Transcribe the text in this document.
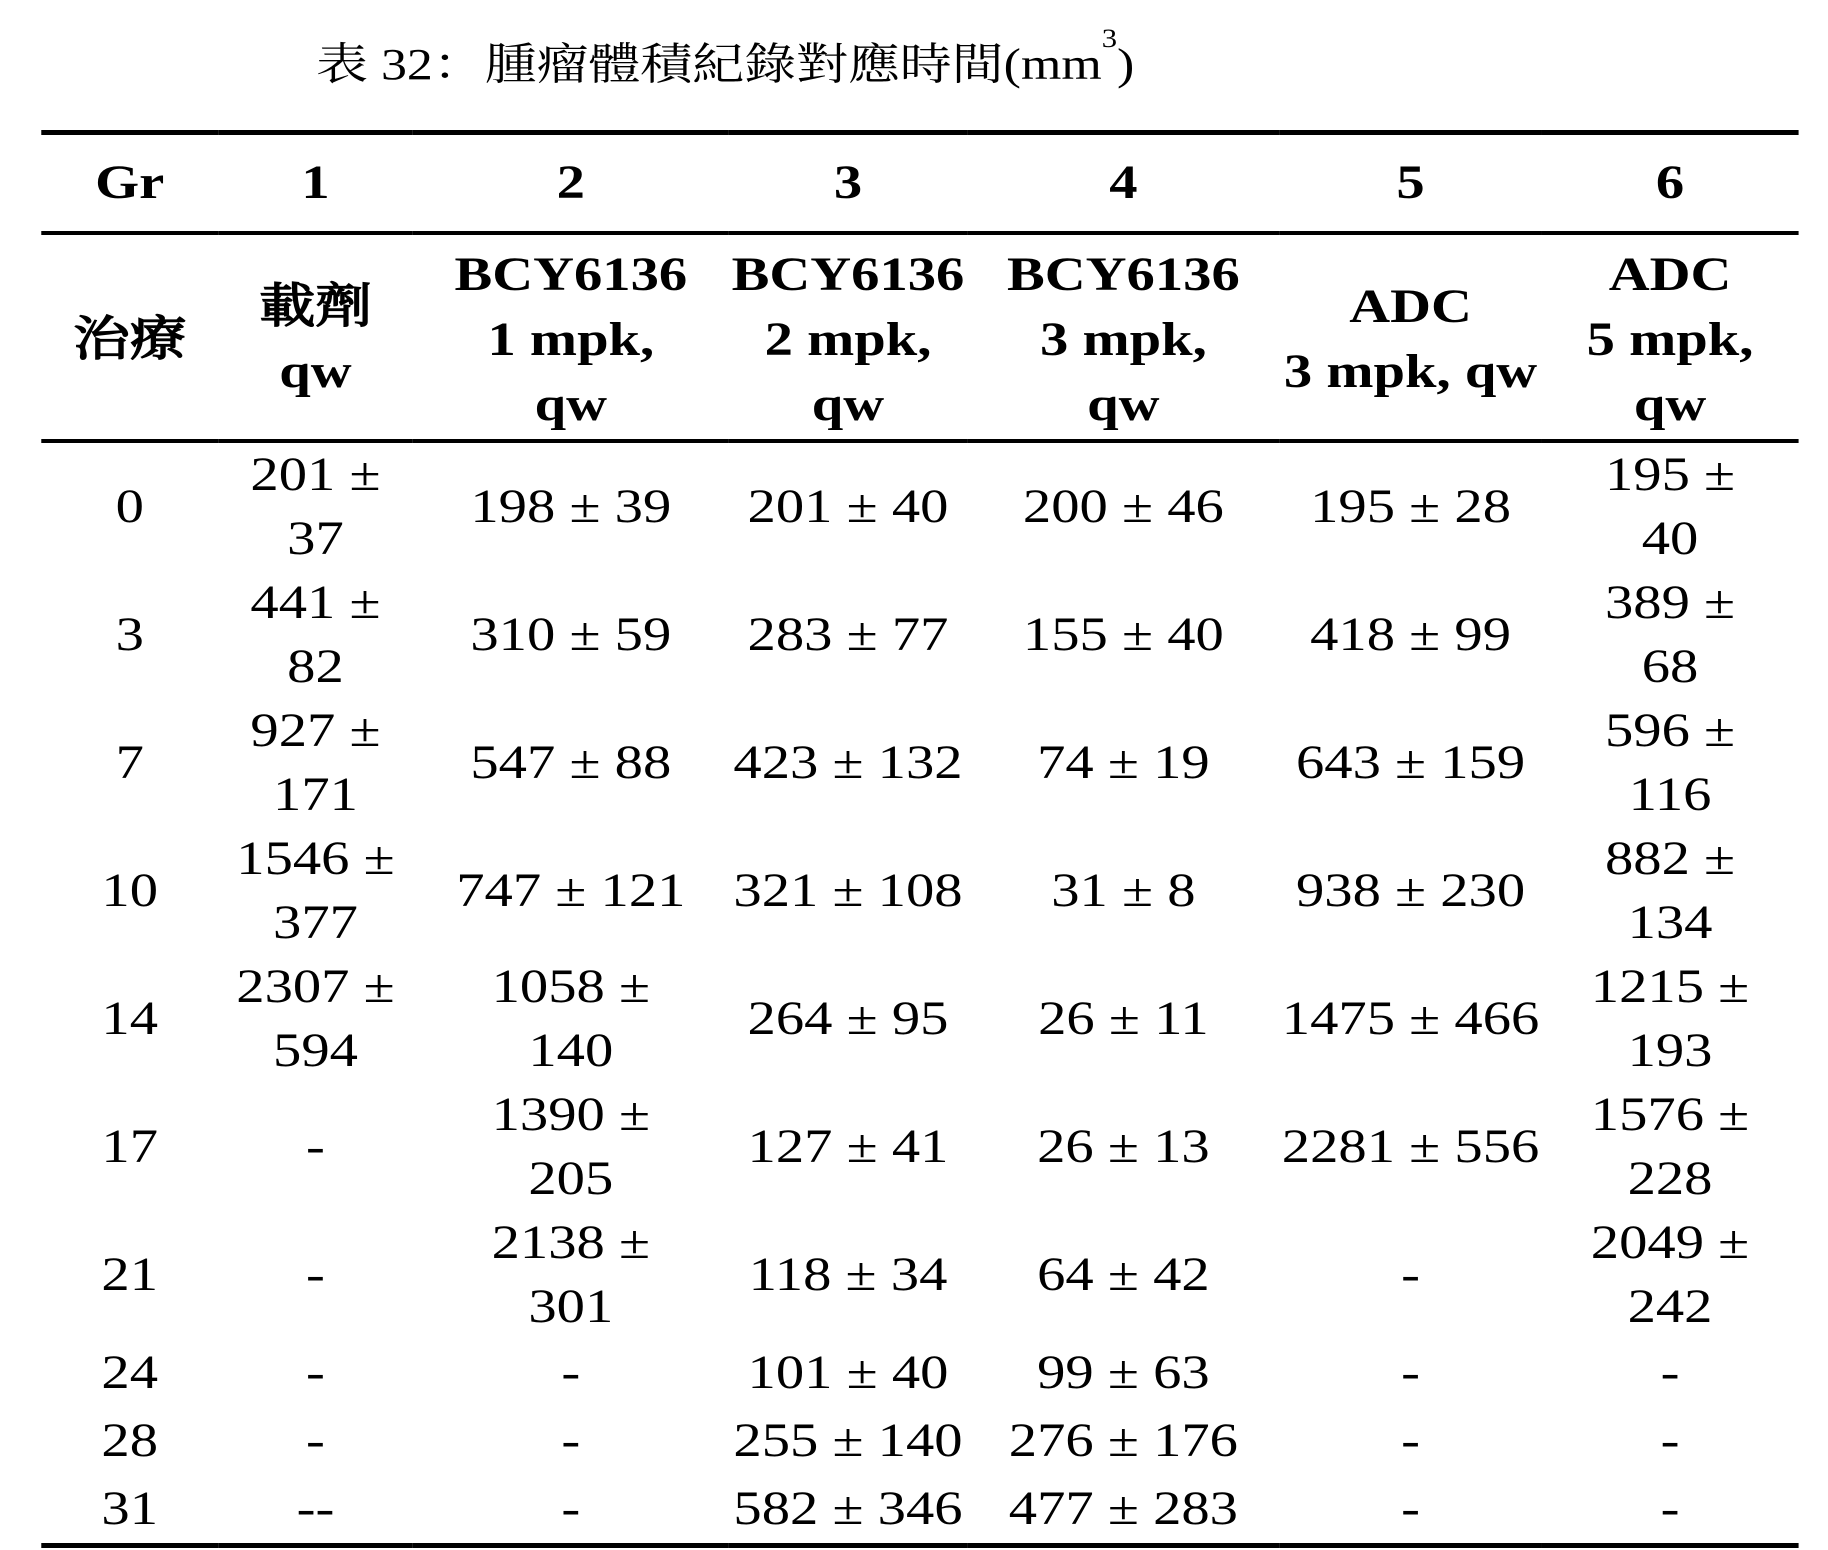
表 32：腫瘤體積紀錄對應時間(mm3)
Gr	1	2	3	4	5	6

治療

載劑
qw

BCY6136
1 mpk,
qw

BCY6136
2 mpk,
qw

BCY6136
3 mpk,
qw

ADC
3 mpk, qw

ADC
5 mpk,
qw

0	201 ± 37	198 ± 39	201 ± 40	200 ± 46	195 ± 28	195 ± 40
3	441 ± 82	310 ± 59	283 ± 77	155 ± 40	418 ± 99	389 ± 68
7	927 ± 171	547 ± 88	423 ± 132	74 ± 19	643 ± 159	596 ± 116
10	1546 ± 377	747 ± 121	321 ± 108	31 ± 8	938 ± 230	882 ± 134
14	2307 ± 594	1058 ± 140	264 ± 95	26 ± 11	1475 ± 466	1215 ± 193
17	-	1390 ± 205	127 ± 41	26 ± 13	2281 ± 556	1576 ± 228
21	-	2138 ± 301	118 ± 34	64 ± 42	-	2049 ± 242
24	-	-	101 ± 40	99 ± 63	-	-
28	-	-	255 ± 140	276 ± 176	-	-
31	--	-	582 ± 346	477 ± 283	-	-
